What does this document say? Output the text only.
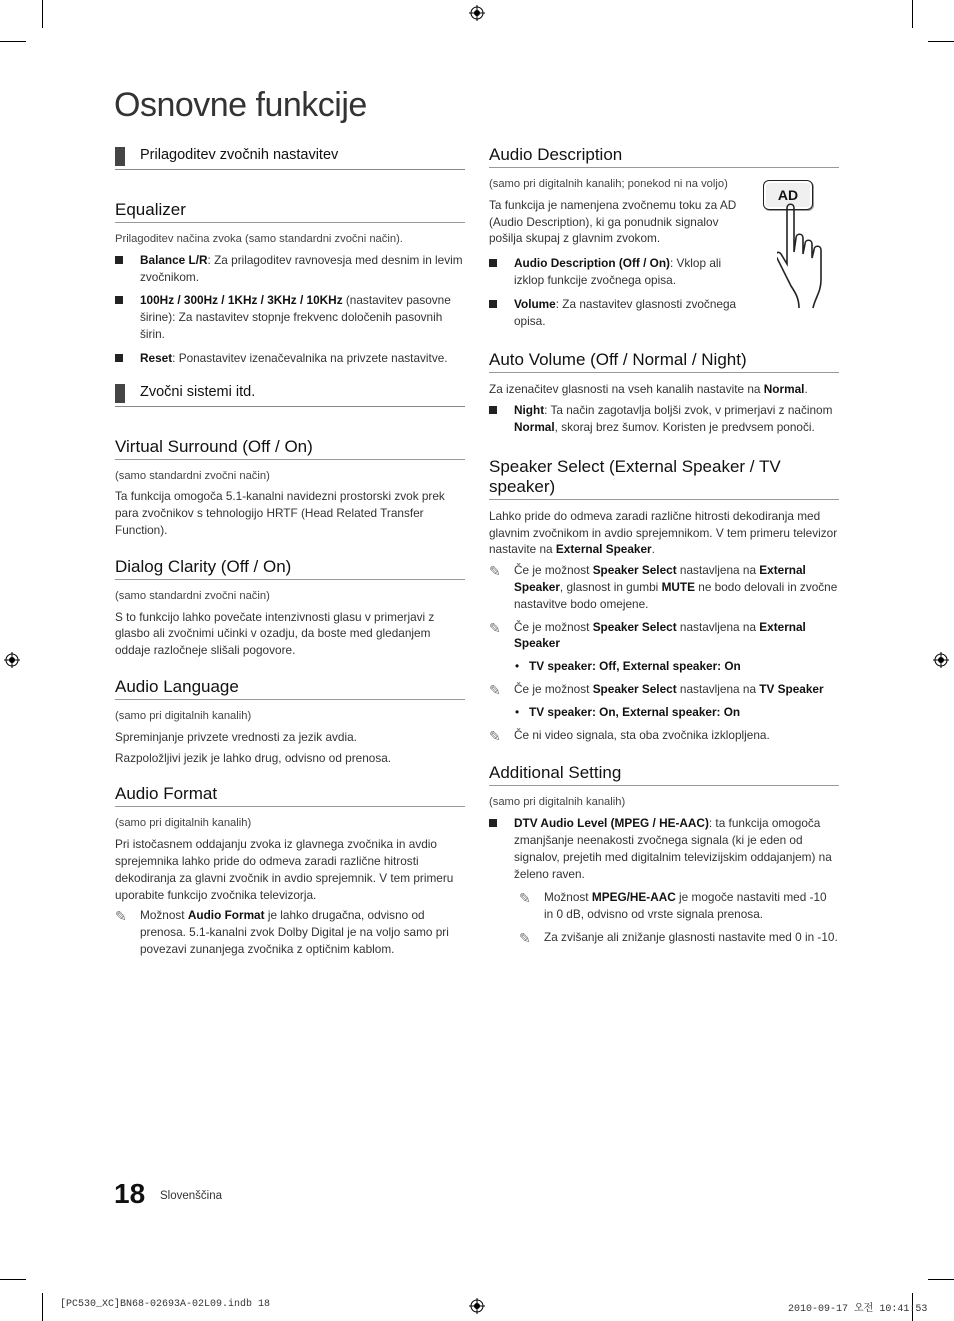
Osnovne funkcije
Prilagoditev zvočnih nastavitev
Equalizer

Prilagoditev načina zvoka (samo standardni zvočni način).

Balance L/R: Za prilagoditev ravnovesja med desnim in levim zvočnikom.
100Hz / 300Hz / 1KHz / 3KHz / 10KHz (nastavitev pasovne širine): Za nastavitev stopnje frekvenc določenih pasovnih širin.
Reset: Ponastavitev izenačevalnika na privzete nastavitve.
Zvočni sistemi itd.
Virtual Surround (Off / On)

(samo standardni zvočni način)

Ta funkcija omogoča 5.1-kanalni navidezni prostorski zvok prek para zvočnikov s tehnologijo HRTF (Head Related Transfer Function).

Dialog Clarity (Off / On)

(samo standardni zvočni način)

S to funkcijo lahko povečate intenzivnosti glasu v primerjavi z glasbo ali zvočnimi učinki v ozadju, da boste med gledanjem oddaje razločneje slišali pogovore.

Audio Language

(samo pri digitalnih kanalih)

Spreminjanje privzete vrednosti za jezik avdia.

Razpoložljivi jezik je lahko drug, odvisno od prenosa.

Audio Format

(samo pri digitalnih kanalih)

Pri istočasnem oddajanju zvoka iz glavnega zvočnika in avdio sprejemnika lahko pride do odmeva zaradi različne hitrosti dekodiranja za glavni zvočnik in avdio sprejemnik. V tem primeru uporabite funkcijo zvočnika televizorja.

✎ Možnost Audio Format je lahko drugačna, odvisno od prenosa. 5.1-kanalni zvok Dolby Digital je na voljo samo pri povezavi zunanjega zvočnika z optičnim kablom.
Audio Description

(samo pri digitalnih kanalih; ponekod ni na voljo)

Ta funkcija je namenjena zvočnemu toku za AD (Audio Description), ki ga ponudnik signalov pošilja skupaj z glavnim zvokom.

Audio Description (Off / On): Vklop ali izklop funkcije zvočnega opisa.
Volume: Za nastavitev glasnosti zvočnega opisa.
AD
Auto Volume (Off / Normal / Night)

Za izenačitev glasnosti na vseh kanalih nastavite na Normal.

Night: Ta način zagotavlja boljši zvok, v primerjavi z načinom Normal, skoraj brez šumov. Koristen je predvsem ponoči.
Speaker Select (External Speaker / TV speaker)

Lahko pride do odmeva zaradi različne hitrosti dekodiranja med glavnim zvočnikom in avdio sprejemnikom. V tem primeru televizor nastavite na External Speaker.

✎ Če je možnost Speaker Select nastavljena na External Speaker, glasnost in gumbi MUTE ne bodo delovali in zvočne nastavitve bodo omejene.
✎ Če je možnost Speaker Select nastavljena na External Speaker
• TV speaker: Off, External speaker: On
✎ Če je možnost Speaker Select nastavljena na TV Speaker
• TV speaker: On, External speaker: On
✎ Če ni video signala, sta oba zvočnika izklopljena.
Additional Setting

(samo pri digitalnih kanalih)

DTV Audio Level (MPEG / HE-AAC): ta funkcija omogoča zmanjšanje neenakosti zvočnega signala (ki je eden od signalov, prejetih med digitalnim televizijskim oddajanjem) na želeno raven.
✎ Možnost MPEG/HE-AAC je mogoče nastaviti med -10 in 0 dB, odvisno od vrste signala prenosa.
✎ Za zvišanje ali znižanje glasnosti nastavite med 0 in -10.
18 Slovenščina
[PC530_XC]BN68-02693A-02L09.indb 18	2010-09-17 오전 10:41:53
